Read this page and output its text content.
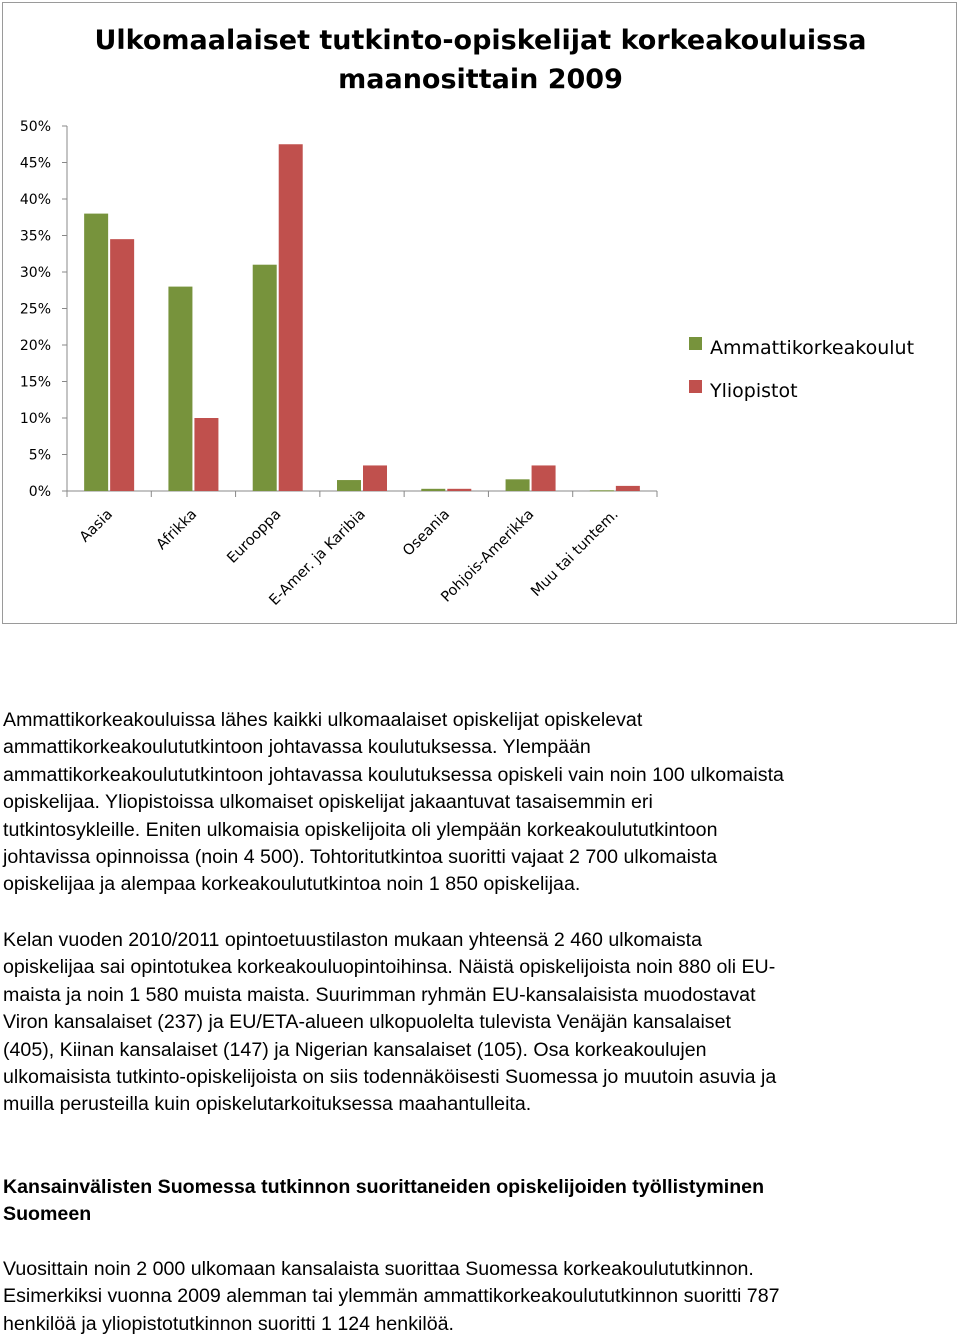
Ulkomaalaiset tutkinto-opiskelijat korkeakouluissa
maanosittain 2009
0%
5%
10%
15%
20%
25%
30%
35%
40%
45%
50%
Aasia	Afrikka Eurooppa
E-Amer. ja Karibia Oseania
Pohjois-Amerikka
Muu tai tuntem.
Ammattikorkeakoulut
Yliopistot
Ammattikorkeakouluissa lähes kaikki ulkomaalaiset opiskelijat opiskelevat
ammattikorkeakoulututkintoon johtavassa koulutuksessa. Ylempään
ammattikorkeakoulututkintoon johtavassa koulutuksessa opiskeli vain noin 100 ulkomaista
opiskelijaa. Yliopistoissa ulkomaiset opiskelijat jakaantuvat tasaisemmin eri
tutkintosykleille. Eniten ulkomaisia opiskelijoita oli ylempään korkeakoulututkintoon
johtavissa opinnoissa (noin 4 500). Tohtoritutkintoa suoritti vajaat 2 700 ulkomaista
opiskelijaa ja alempaa korkeakoulututkintoa noin 1 850 opiskelijaa.
Kelan vuoden 2010/2011 opintoetuustilaston mukaan yhteensä 2 460 ulkomaista
opiskelijaa sai opintotukea korkeakouluopintoihinsa. Näistä opiskelijoista noin 880 oli EU-
maista ja noin 1 580 muista maista. Suurimman ryhmän EU-kansalaisista muodostavat
Viron kansalaiset (237) ja EU/ETA-alueen ulkopuolelta tulevista Venäjän kansalaiset
(405), Kiinan kansalaiset (147) ja Nigerian kansalaiset (105). Osa korkeakoulujen
ulkomaisista tutkinto-opiskelijoista on siis todennäköisesti Suomessa jo muutoin asuvia ja
muilla perusteilla kuin opiskelutarkoituksessa maahantulleita.
Kansainvälisten Suomessa tutkinnon suorittaneiden opiskelijoiden työllistyminen
Suomeen
Vuosittain noin 2 000 ulkomaan kansalaista suorittaa Suomessa korkeakoulututkinnon.
Esimerkiksi vuonna 2009 alemman tai ylemmän ammattikorkeakoulututkinnon suoritti 787
henkilöä ja yliopistotutkinnon suoritti 1 124 henkilöä.
